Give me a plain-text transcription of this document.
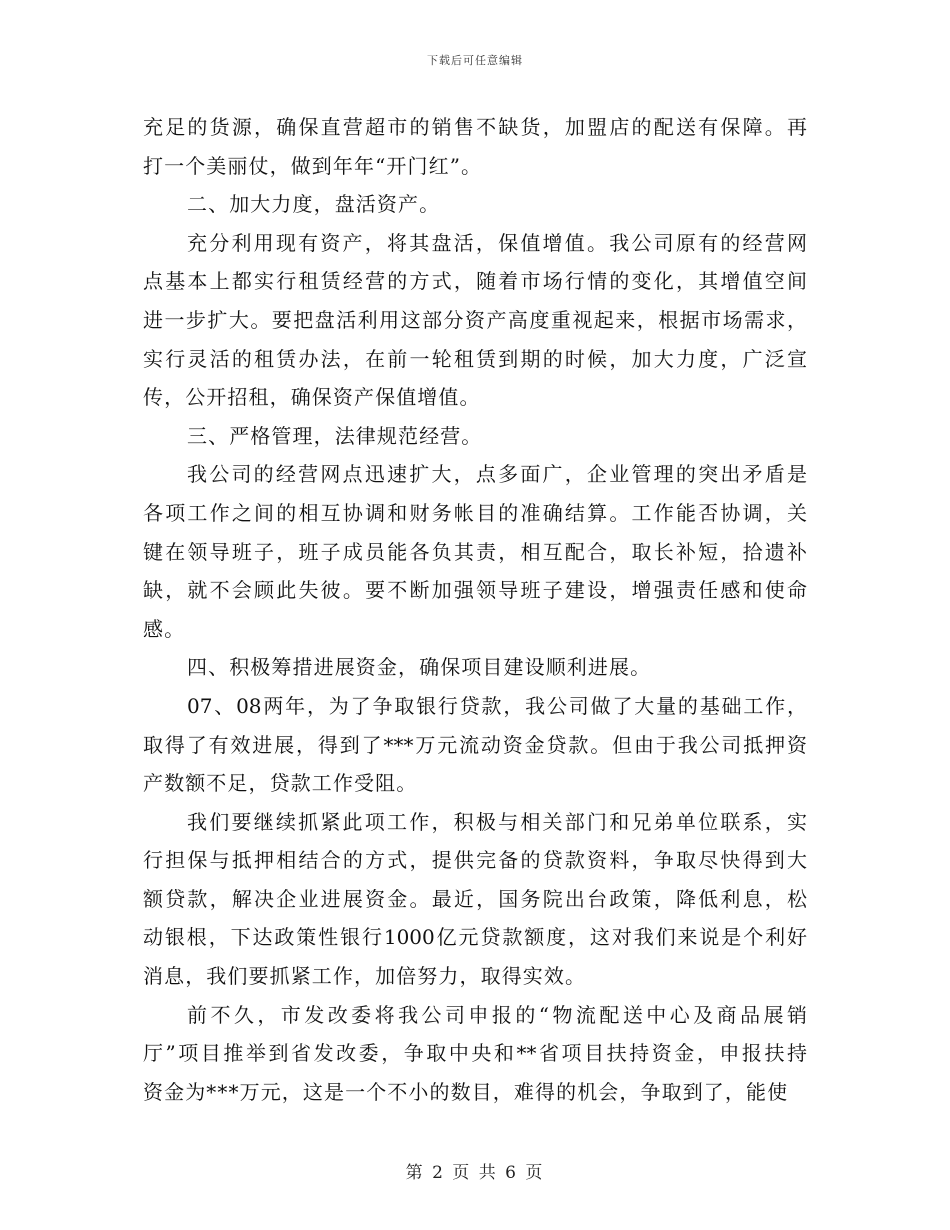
下载后可任意编辑
充足的货源，确保直营超市的销售不缺货，加盟店的配送有保障。再
打一个美丽仗，做到年年“开门红”。
二、加大力度，盘活资产。
充分利用现有资产，将其盘活，保值增值。我公司原有的经营网
点基本上都实行租赁经营的方式，随着市场行情的变化，其增值空间
进一步扩大。要把盘活利用这部分资产高度重视起来，根据市场需求，
实行灵活的租赁办法，在前一轮租赁到期的时候，加大力度，广泛宣
传，公开招租，确保资产保值增值。
三、严格管理，法律规范经营。
我公司的经营网点迅速扩大，点多面广，企业管理的突出矛盾是
各项工作之间的相互协调和财务帐目的准确结算。工作能否协调，关
键在领导班子，班子成员能各负其责，相互配合，取长补短，拾遗补
缺，就不会顾此失彼。要不断加强领导班子建设，增强责任感和使命
感。
四、积极筹措进展资金，确保项目建设顺利进展。
07、08两年，为了争取银行贷款，我公司做了大量的基础工作，
取得了有效进展，得到了***万元流动资金贷款。但由于我公司抵押资
产数额不足，贷款工作受阻。
我们要继续抓紧此项工作，积极与相关部门和兄弟单位联系，实
行担保与抵押相结合的方式，提供完备的贷款资料，争取尽快得到大
额贷款，解决企业进展资金。最近，国务院出台政策，降低利息，松
动银根，下达政策性银行1000亿元贷款额度，这对我们来说是个利好
消息，我们要抓紧工作，加倍努力，取得实效。
前不久，市发改委将我公司申报的“物流配送中心及商品展销
厅”项目推举到省发改委，争取中央和**省项目扶持资金，申报扶持
资金为***万元，这是一个不小的数目，难得的机会，争取到了，能使
第 2 页 共 6 页
